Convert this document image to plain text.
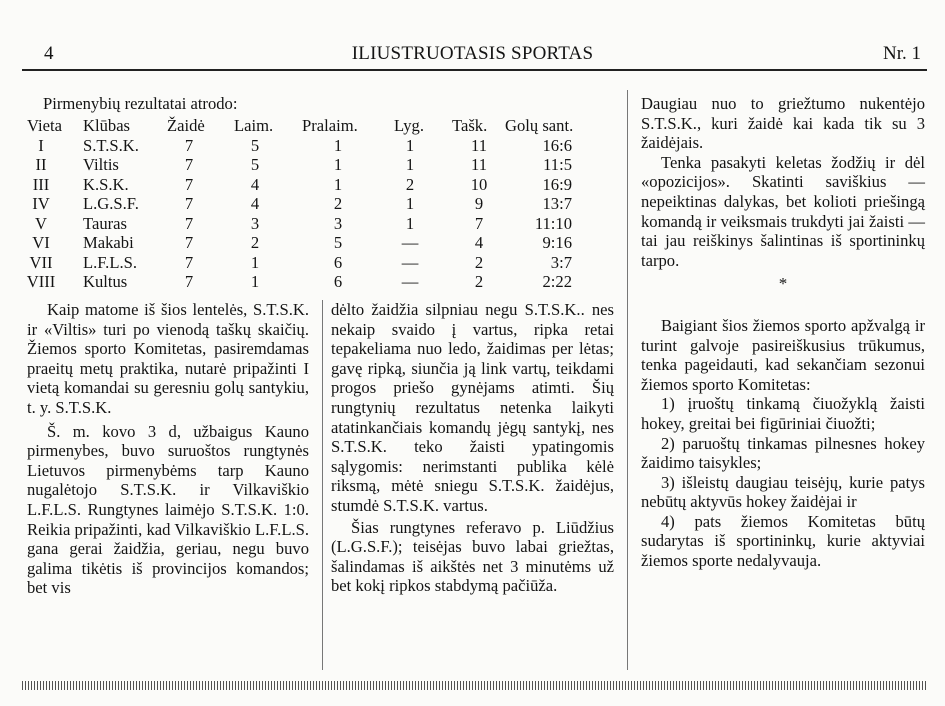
4	ILIUSTRUOTASIS SPORTAS	Nr. 1
Pirmenybių rezultatai atrodo:
Vieta Klūbas Žaidė Laim. Pralaim. Lyg. Tašk. Golų sant.
I S.T.S.K.	7	5	1	1	11	16:6
II Viltis	7	5	1	1	11	11:5
III K.S.K.	7	4	1	2	10	16:9
IV L.G.S.F.	7	4	2	1	9	13:7
V Tauras	7	3	3	1	7	11:10
VI Makabi	7	2	5	—	4	9:16
VII L.F.L.S.	7	1	6	—	2	3:7
VIII Kultus	7	1	6	—	2	2:22

Kaip matome iš šios lentelės, S.T.S.K. ir «Viltis» turi po vienodą taškų skaičių. Žiemos sporto Komitetas, pasiremdamas praeitų metų praktika, nutarė pripažinti I vietą komandai su geresniu golų santykiu, t. y. S.T.S.K.

Š. m. kovo 3 d, užbaigus Kauno pirmenybes, buvo suruoštos rungtynės Lietuvos pirmenybėms tarp Kauno nugalėtojo S.T.S.K. ir Vilkaviškio L.F.L.S. Rungtynes laimėjo S.T.S.K. 1:0. Reikia pripažinti, kad Vilkaviškio L.F.L.S. gana gerai žaidžia, geriau, negu buvo galima tikėtis iš provincijos komandos; bet vis

dėlto žaidžia silpniau negu S.T.S.K.. nes nekaip svaido į vartus, ripka retai tepakeliama nuo ledo, žaidimas per lėtas; gavę ripką, siunčia ją link vartų, teikdami progos priešo gynėjams atimti. Šių rungtynių rezultatus netenka laikyti atatinkančiais komandų jėgų santykį, nes S.T.S.K. teko žaisti ypatingomis sąlygomis: nerimstanti publika kėlė riksmą, mėtė sniegu S.T.S.K. žaidėjus, stumdė S.T.S.K. vartus.

Šias rungtynes referavo p. Liūdžius (L.G.S.F.); teisėjas buvo labai griežtas, šalindamas iš aikštės net 3 minutėms už bet kokį ripkos stabdymą pačiūža.

Daugiau nuo to griežtumo nukentėjo S.T.S.K., kuri žaidė kai kada tik su 3 žaidėjais.

Tenka pasakyti keletas žodžių ir dėl «opozicijos». Skatinti saviškius — nepeiktinas dalykas, bet kolioti priešingą komandą ir veiksmais trukdyti jai žaisti — tai jau reiškinys šalintinas iš sportininkų tarpo.

*

Baigiant šios žiemos sporto apžvalgą ir turint galvoje pasireiškusius trūkumus, tenka pageidauti, kad sekančiam sezonui žiemos sporto Komitetas:

1) įruoštų tinkamą čiuožyklą žaisti hokey, greitai bei figūriniai čiuožti;

2) paruoštų tinkamas pilnesnes hokey žaidimo taisykles;

3) išleistų daugiau teisėjų, kurie patys nebūtų aktyvūs hokey žaidėjai ir

4) pats žiemos Komitetas būtų sudarytas iš sportininkų, kurie aktyviai žiemos sporte nedalyvauja.
